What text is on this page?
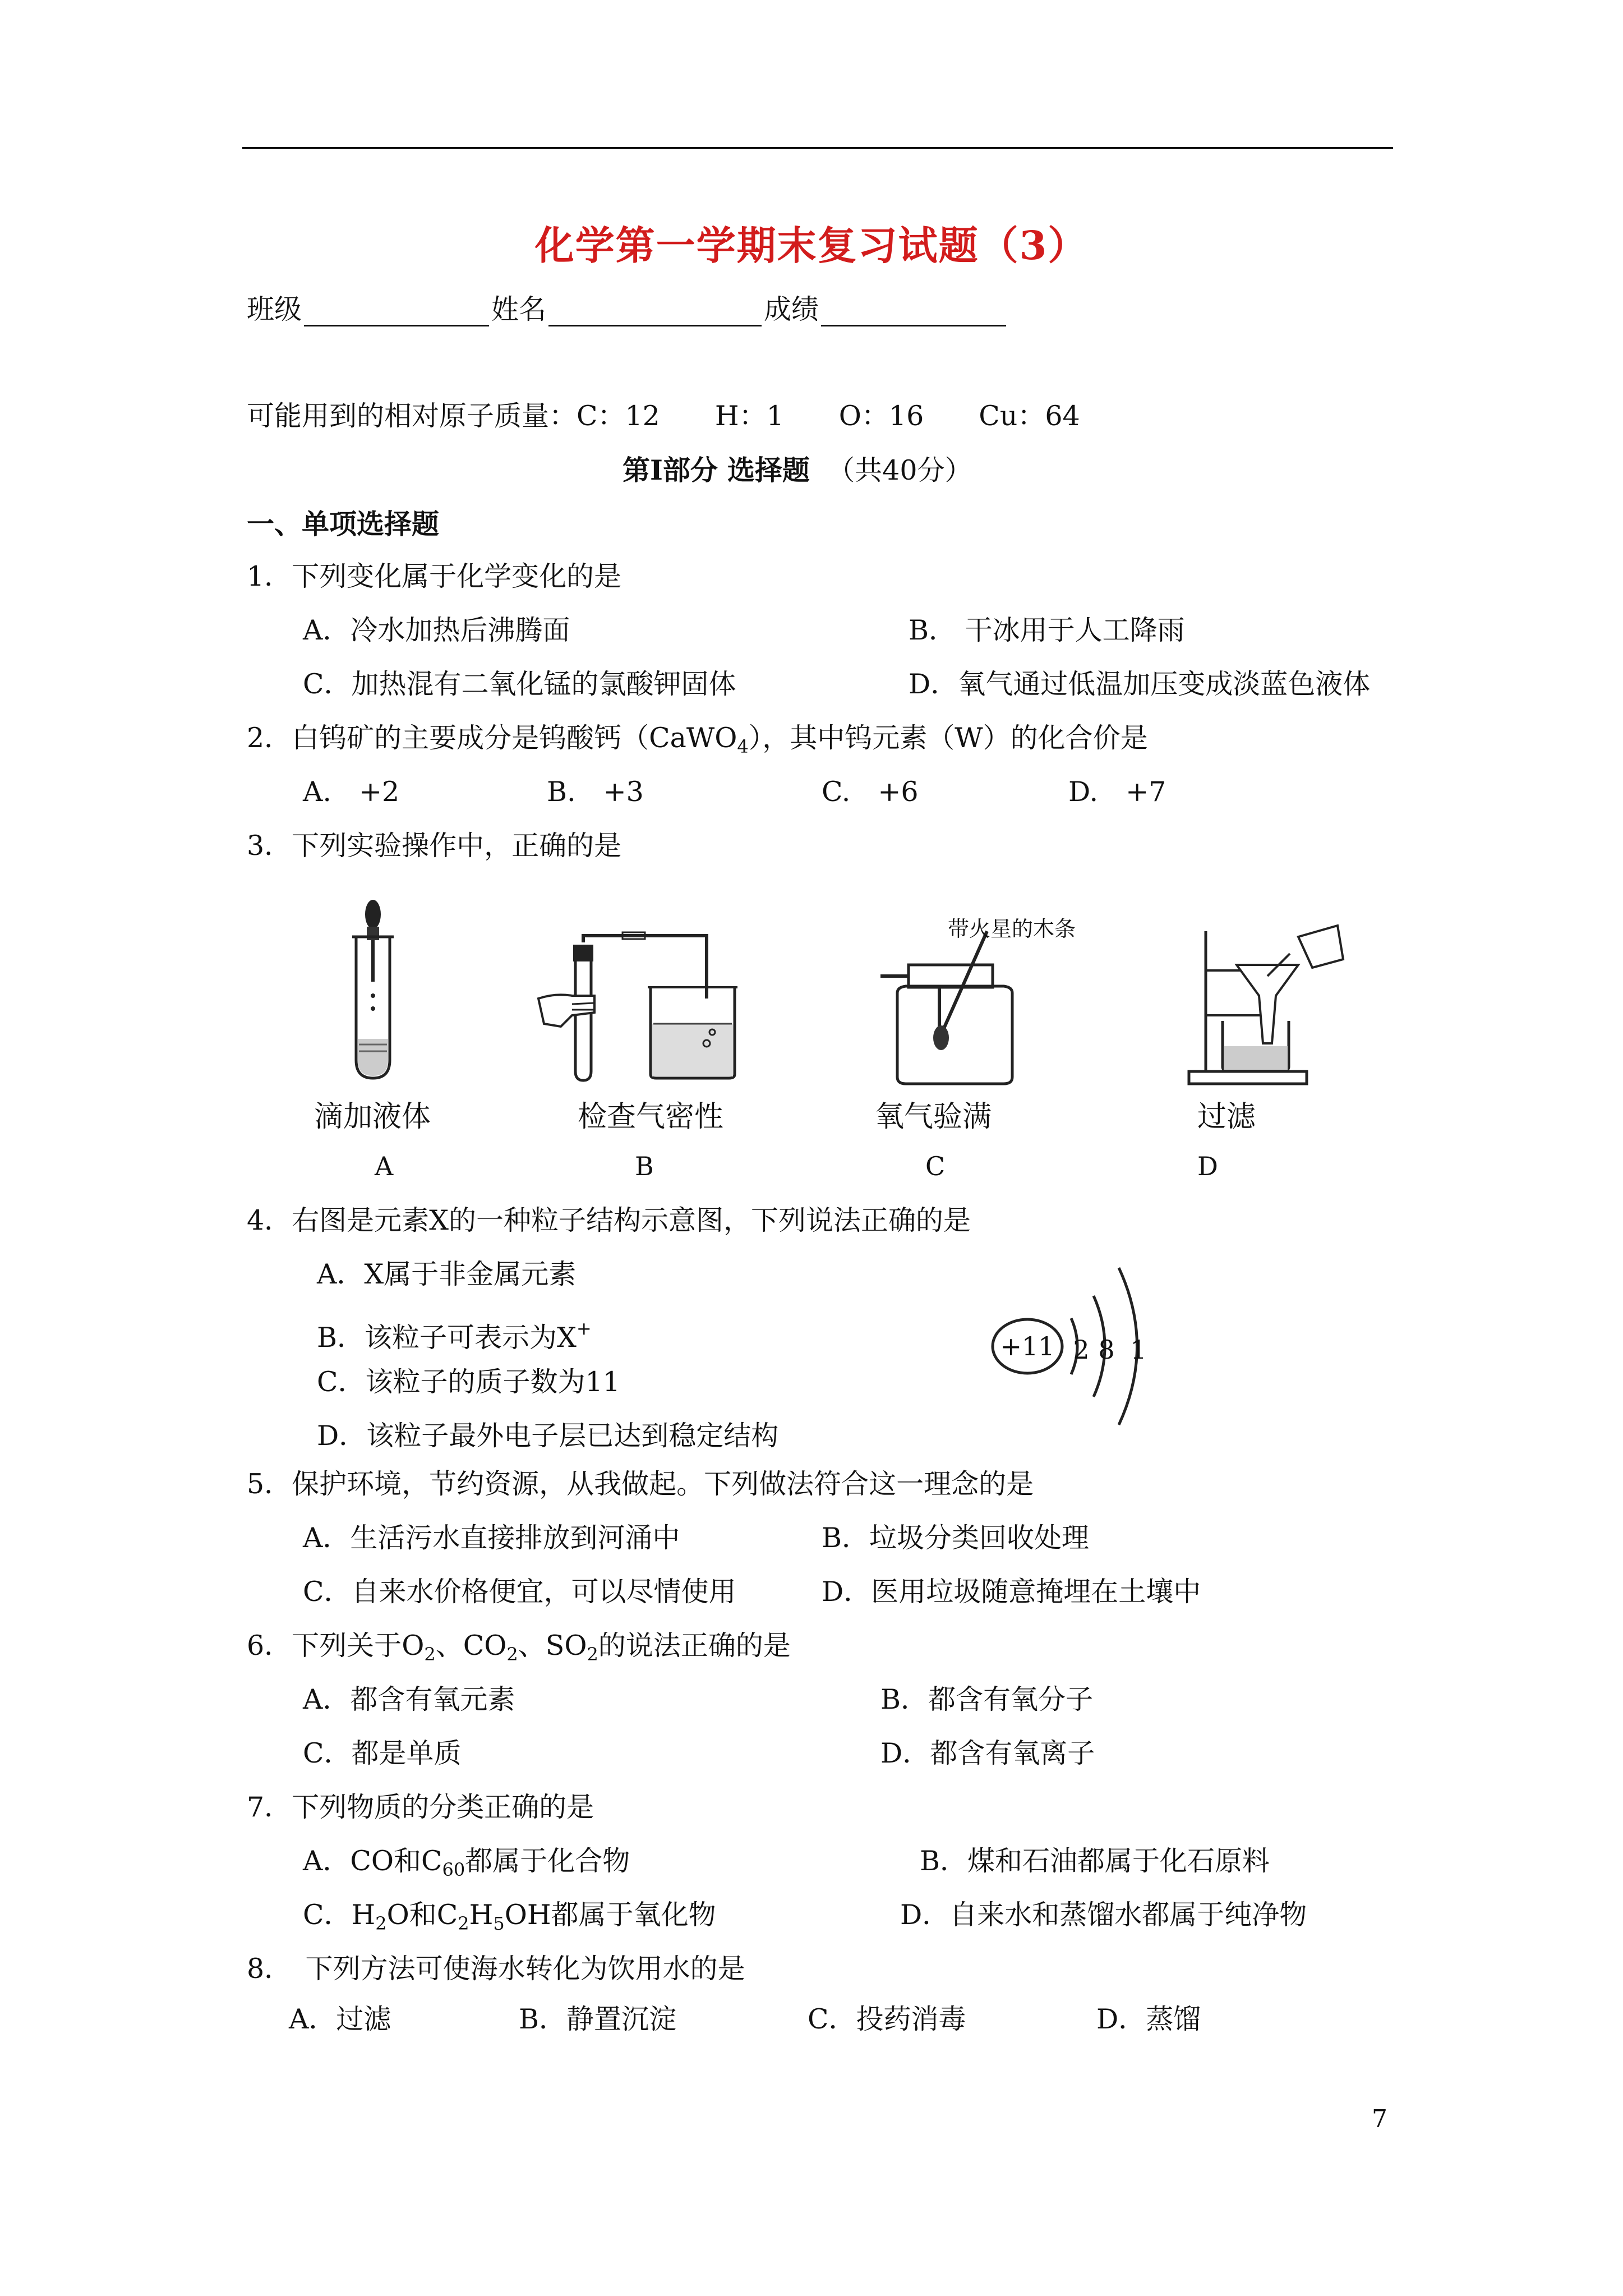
化学第一学期末复习试题（3）
班级	姓名	成绩
可能用到的相对原子质量：C：12　　H：1　　O：16　　Cu：64
第Ⅰ部分 选择题 （共40分）
一、单项选择题
1．下列变化属于化学变化的是
A．冷水加热后沸腾面	B． 干冰用于人工降雨
C．加热混有二氧化锰的氯酸钾固体	D．氧气通过低温加压变成淡蓝色液体
2．白钨矿的主要成分是钨酸钙（CaWO$_4$），其中钨元素（W）的化合价是
A.　+2	B.　+3	C.　+6	D.　+7
3．下列实验操作中，正确的是
带火星的木条
滴加液体	检查气密性	氧气验满	过滤
A	B	C	D
4．右图是元素X的一种粒子结构示意图，下列说法正确的是
A．X属于非金属元素
B．该粒子可表示为X+
C．该粒子的质子数为11
D．该粒子最外电子层已达到稳定结构
+11 2 8 1
5．保护环境，节约资源，从我做起。下列做法符合这一理念的是
A．生活污水直接排放到河涌中	B．垃圾分类回收处理
C．自来水价格便宜，可以尽情使用	D．医用垃圾随意掩埋在土壤中
6．下列关于$O_2$、$CO_2$、$SO_2$的说法正确的是
A．都含有氧元素	B．都含有氧分子
C．都是单质	D．都含有氧离子
7．下列物质的分类正确的是
A．CO和$C_{60}$都属于化合物	B．煤和石油都属于化石原料
C．$H_2O$和$C_2H_5OH$都属于氧化物	D．自来水和蒸馏水都属于纯净物
8．　下列方法可使海水转化为饮用水的是
A．过滤	B．静置沉淀	C．投药消毒	D．蒸馏
7
